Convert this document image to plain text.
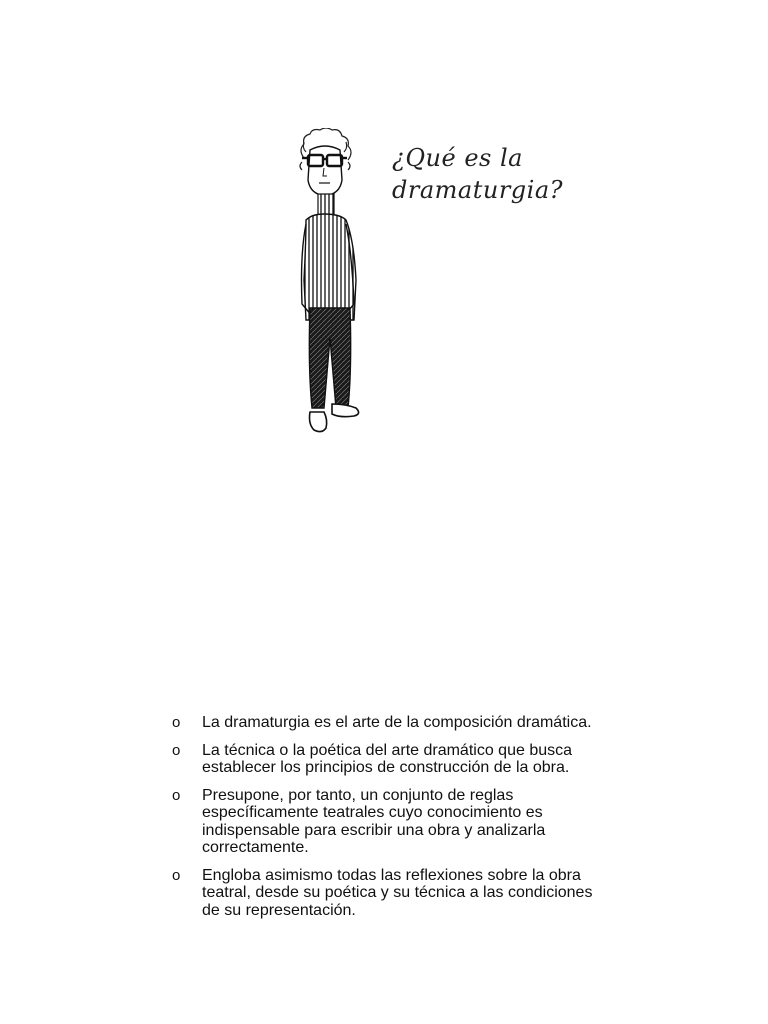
¿Qué es la
dramaturgia?
o La dramaturgia es el arte de la composición dramática.
o La técnica o la poética del arte dramático que busca establecer los principios de construcción de la obra.
o Presupone, por tanto, un conjunto de reglas específicamente teatrales cuyo conocimiento es indispensable para escribir una obra y analizarla correctamente.
o Engloba asimismo todas las reflexiones sobre la obra teatral, desde su poética y su técnica a las condiciones de su representación.
